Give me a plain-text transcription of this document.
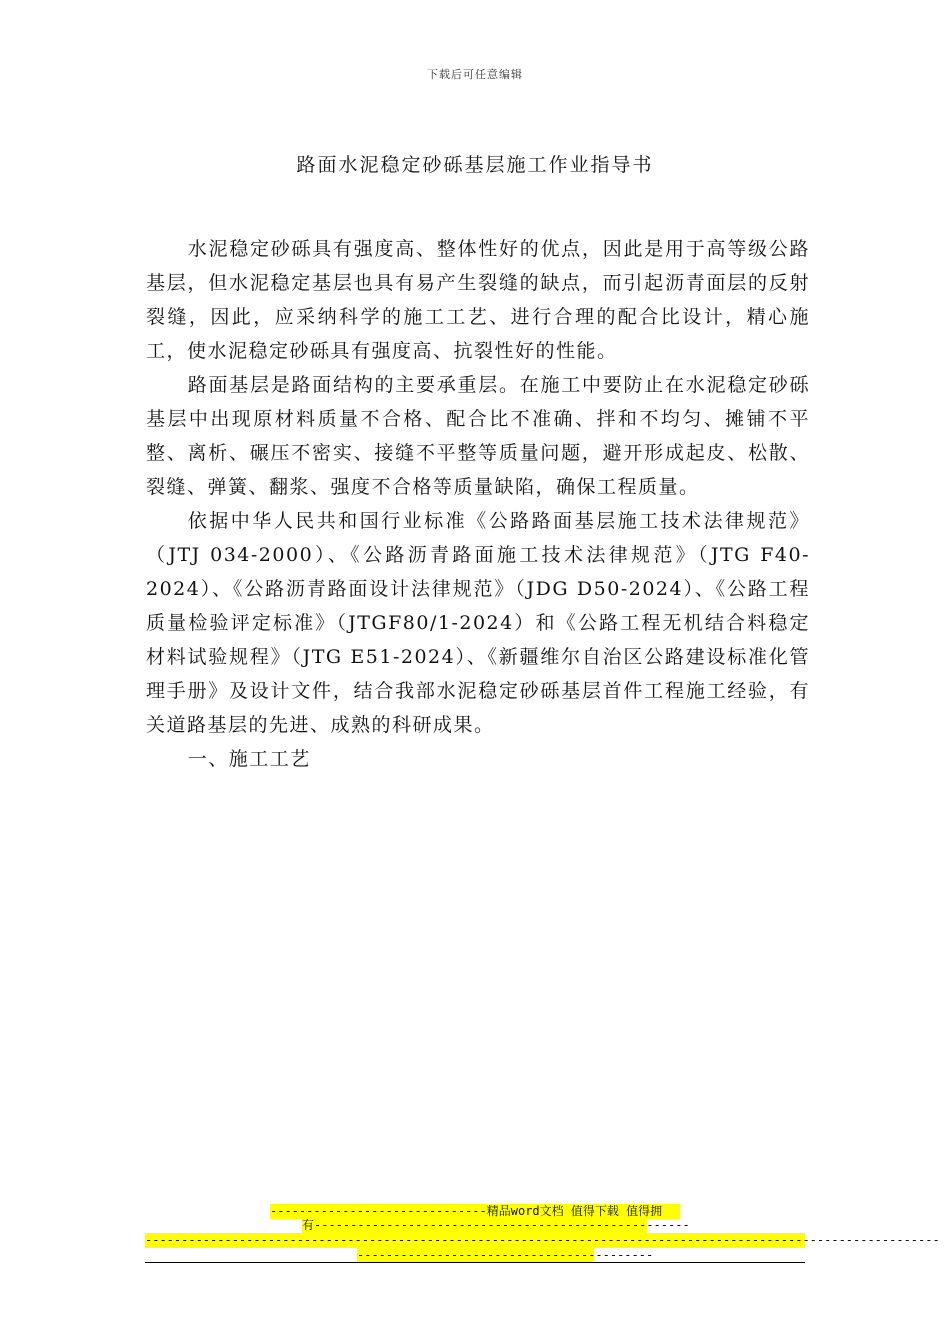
下载后可任意编辑
路面水泥稳定砂砾基层施工作业指导书

水泥稳定砂砾具有强度高、整体性好的优点，因此是用于高等级公路基层，但水泥稳定基层也具有易产生裂缝的缺点，而引起沥青面层的反射裂缝，因此，应采纳科学的施工工艺、进行合理的配合比设计，精心施工，使水泥稳定砂砾具有强度高、抗裂性好的性能。

路面基层是路面结构的主要承重层。在施工中要防止在水泥稳定砂砾基层中出现原材料质量不合格、配合比不准确、拌和不均匀、摊铺不平整、离析、碾压不密实、接缝不平整等质量问题，避开形成起皮、松散、裂缝、弹簧、翻浆、强度不合格等质量缺陷，确保工程质量。

依据中华人民共和国行业标准《公路路面基层施工技术法律规范》（JTJ 034-2000）、《公路沥青路面施工技术法律规范》（JTG F40-2024）、《公路沥青路面设计法律规范》（JDG D50-2024）、《公路工程质量检验评定标准》（JTGF80/1-2024）和《公路工程无机结合料稳定材料试验规程》（JTG E51-2024）、《新疆维尔自治区公路建设标准化管理手册》及设计文件，结合我部水泥稳定砂砾基层首件工程施工经验，有关道路基层的先进、成熟的科研成果。

一、施工工艺

------------------------------精品word文档 值得下载 值得拥
有----------------------------------------------------
--------------------------------------------------------------------------------------------------------------
-----------------------------------------
